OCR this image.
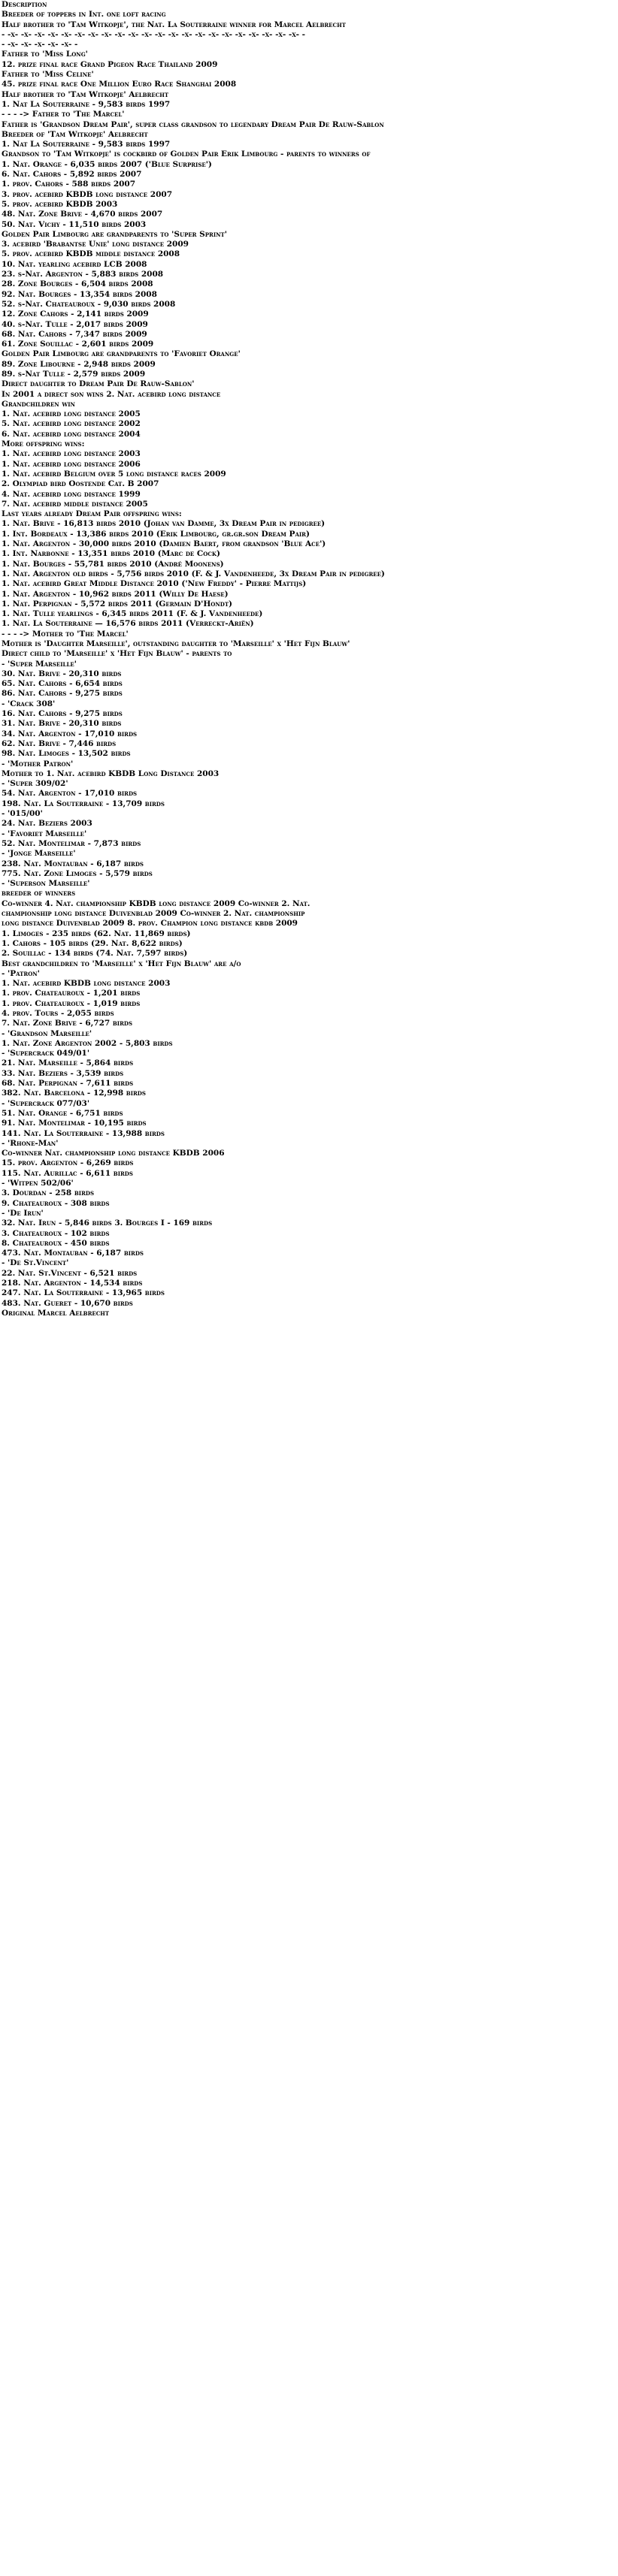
Description
Breeder of toppers in Int. one loft racing
Half brother to 'Tam Witkopje', the Nat. La Souterraine winner for Marcel Aelbrecht
- -x- -x- -x- -x- -x- -x- -x- -x- -x- -x- -x- -x- -x- -x- -x- -x- -x- -x- -x- -x- -x- -x- -
- -x- -x- -x- -x- -x- -
Father to 'Miss Long'
12. prize final race Grand Pigeon Race Thailand 2009
Father to 'Miss Celine'
45. prize final race One Million Euro Race Shanghai 2008
Half brother to 'Tam Witkopje' Aelbrecht
1. Nat La Souterraine - 9,583 birds 1997
- - - -> Father to 'The Marcel'
Father is 'Grandson Dream Pair', super class grandson to legendary Dream Pair De Rauw-Sablon
Breeder of 'Tam Witkopje' Aelbrecht
1. Nat La Souterraine - 9,583 birds 1997
Grandson to 'Tam Witkopje' is cockbird of Golden Pair Erik Limbourg - parents to winners of
1. Nat. Orange - 6,035 birds 2007 ('Blue Surprise')
6. Nat. Cahors - 5,892 birds 2007
1. prov. Cahors - 588 birds 2007
3. prov. acebird KBDB long distance 2007
5. prov. acebird KBDB 2003
48. Nat. Zone Brive - 4,670 birds 2007
50. Nat. Vichy - 11,510 birds 2003
Golden Pair Limbourg are grandparents to 'Super Sprint'
3. acebird 'Brabantse Unie' long distance 2009
5. prov. acebird KBDB middle distance 2008
10. Nat. yearling acebird LCB 2008
23. s-Nat. Argenton - 5,883 birds 2008
28. Zone Bourges - 6,504 birds 2008
92. Nat. Bourges - 13,354 birds 2008
52. s-Nat. Chateauroux - 9,030 birds 2008
12. Zone Cahors - 2,141 birds 2009
40. s-Nat. Tulle - 2,017 birds 2009
68. Nat. Cahors - 7,347 birds 2009
61. Zone Souillac - 2,601 birds 2009
Golden Pair Limbourg are grandparents to 'Favoriet Orange'
89. Zone Libourne - 2,948 birds 2009
89. s-Nat Tulle - 2,579 birds 2009
Direct daughter to Dream Pair De Rauw-Sablon'
In 2001 a direct son wins 2. Nat. acebird long distance
Grandchildren win
1. Nat. acebird long distance 2005
5. Nat. acebird long distance 2002
6. Nat. acebird long distance 2004
More offspring wins:
1. Nat. acebird long distance 2003
1. Nat. acebird long distance 2006
1. Nat. acebird Belgium over 5 long distance races 2009
2. Olympiad bird Oostende Cat. B 2007
4. Nat. acebird long distance 1999
7. Nat. acebird middle distance 2005
Last years already Dream Pair offspring wins:
1. Nat. Brive - 16,813 birds 2010 (Johan van Damme, 3x Dream Pair in pedigree)
1. Int. Bordeaux - 13,386 birds 2010 (Erik Limbourg, gr.gr.son Dream Pair)
1. Nat. Argenton - 30,000 birds 2010 (Damien Baert, from grandson 'Blue Ace')
1. Int. Narbonne - 13,351 birds 2010 (Marc de Cock)
1. Nat. Bourges - 55,781 birds 2010 (André Moonens)
1. Nat. Argenton old birds - 5,756 birds 2010 (F. & J. Vandenheede, 3x Dream Pair in pedigree)
1. Nat. acebird Great Middle Distance 2010 ('New Freddy' - Pierre Mattijs)
1. Nat. Argenton - 10,962 birds 2011 (Willy De Haese)
1. Nat. Perpignan - 5,572 birds 2011 (Germain D'Hondt)
1. Nat. Tulle yearlings - 6,345 birds 2011 (F. & J. Vandenheede)
1. Nat. La Souterraine — 16,576 birds 2011 (Verreckt-Ariën)
- - - -> Mother to 'The Marcel'
Mother is 'Daughter Marseille', outstanding daughter to 'Marseille' x 'Het Fijn Blauw'
Direct child to 'Marseille' x 'Het Fijn Blauw' - parents to
- 'Super Marseille'
30. Nat. Brive - 20,310 birds
65. Nat. Cahors - 6,654 birds
86. Nat. Cahors - 9,275 birds
- 'Crack 308'
16. Nat. Cahors - 9,275 birds
31. Nat. Brive - 20,310 birds
34. Nat. Argenton - 17,010 birds
62. Nat. Brive - 7,446 birds
98. Nat. Limoges - 13,502 birds
- 'Mother Patron'
Mother to 1. Nat. acebird KBDB Long Distance 2003
- 'Super 309/02'
54. Nat. Argenton - 17,010 birds
198. Nat. La Souterraine - 13,709 birds
- '015/00'
24. Nat. Beziers 2003
- 'Favoriet Marseille'
52. Nat. Montelimar - 7,873 birds
- 'Jonge Marseille'
238. Nat. Montauban - 6,187 birds
775. Nat. Zone Limoges - 5,579 birds
- 'Superson Marseille'
breeder of winners
Co-winner 4. Nat. championship KBDB long distance 2009 Co-winner 2. Nat.
championship long distance Duivenblad 2009 Co-winner 2. Nat. championship
long distance Duivenblad 2009 8. prov. Champion long distance kbdb 2009
1. Limoges - 235 birds (62. Nat. 11,869 birds)
1. Cahors - 105 birds (29. Nat. 8,622 birds)
2. Souillac - 134 birds (74. Nat. 7,597 birds)
Best grandchildren to 'Marseille' x 'Het Fijn Blauw' are a/o
- 'Patron'
1. Nat. acebird KBDB long distance 2003
1. prov. Chateauroux - 1,201 birds
1. prov. Chateauroux - 1,019 birds
4. prov. Tours - 2,055 birds
7. Nat. Zone Brive - 6,727 birds
- 'Grandson Marseille'
1. Nat. Zone Argenton 2002 - 5,803 birds
- 'Supercrack 049/01'
21. Nat. Marseille - 5,864 birds
33. Nat. Beziers - 3,539 birds
68. Nat. Perpignan - 7,611 birds
382. Nat. Barcelona - 12,998 birds
- 'Supercrack 077/03'
51. Nat. Orange - 6,751 birds
91. Nat. Montelimar - 10,195 birds
141. Nat. La Souterraine - 13,988 birds
- 'Rhone-Man'
Co-winner Nat. championship long distance KBDB 2006
15. prov. Argenton - 6,269 birds
115. Nat. Aurillac - 6,611 birds
- 'Witpen 502/06'
3. Dourdan - 258 birds
9. Chateauroux - 308 birds
- 'De Irun'
32. Nat. Irun - 5,846 birds 3. Bourges I - 169 birds
3. Chateauroux - 102 birds
8. Chateauroux - 450 birds
473. Nat. Montauban - 6,187 birds
- 'De St.Vincent'
22. Nat. St.Vincent - 6,521 birds
218. Nat. Argenton - 14,534 birds
247. Nat. La Souterraine - 13,965 birds
483. Nat. Gueret - 10,670 birds
Original Marcel Aelbrecht
